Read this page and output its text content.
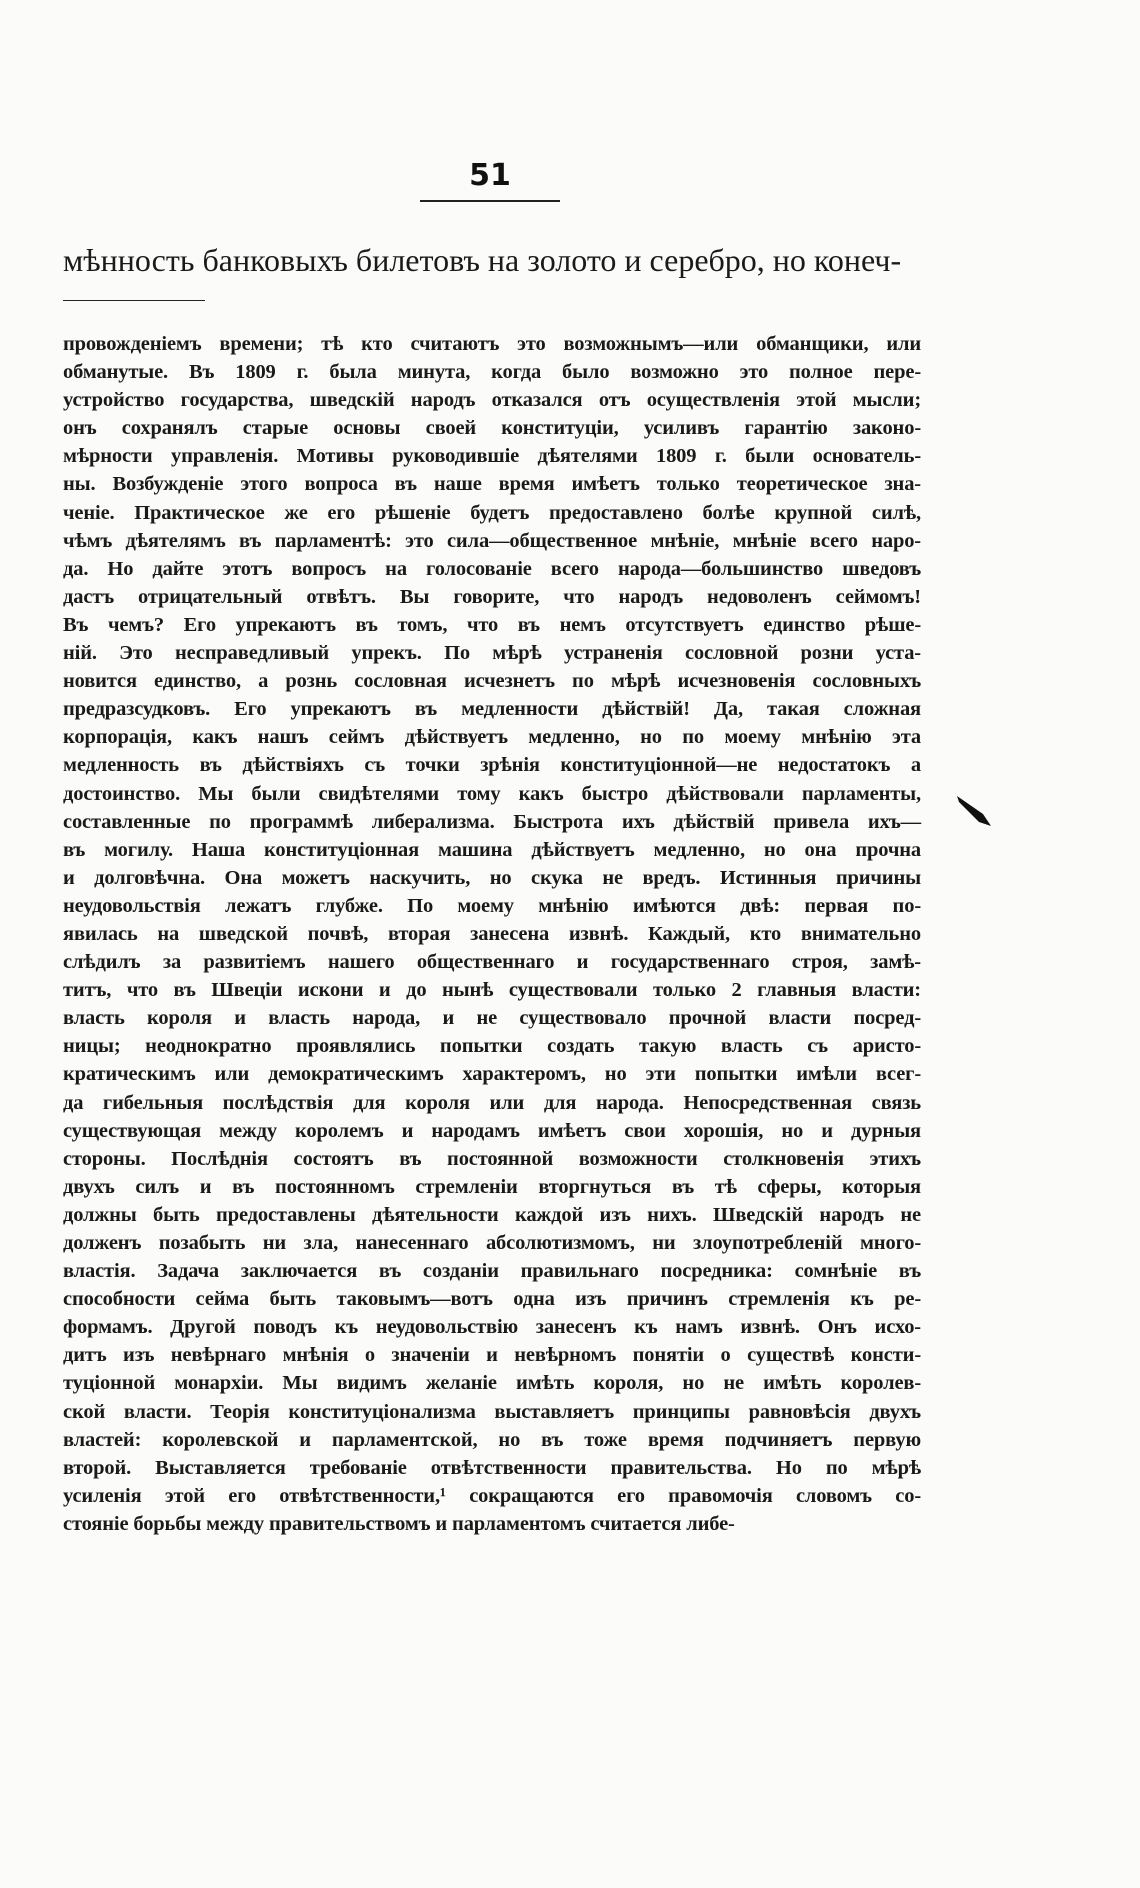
51
мѣнность банковыхъ билетовъ на золото и серебро, но конеч-
провожденіемъ времени; тѣ кто считаютъ это возможнымъ—или обманщики, или
обманутые. Въ 1809 г. была минута, когда было возможно это полное пере-
устройство государства, шведскій народъ отказался отъ осуществленія этой мысли;
онъ сохранялъ старые основы своей конституціи, усиливъ гарантію законо-
мѣрности управленія. Мотивы руководившіе дѣятелями 1809 г. были основатель-
ны. Возбужденіе этого вопроса въ наше время имѣетъ только теоретическое зна-
ченіе. Практическое же его рѣшеніе будетъ предоставлено болѣе крупной силѣ,
чѣмъ дѣятелямъ въ парламентѣ: это сила—общественное мнѣніе, мнѣніе всего наро-
да. Но дайте этотъ вопросъ на голосованіе всего народа—большинство шведовъ
дастъ отрицательный отвѣтъ. Вы говорите, что народъ недоволенъ сеймомъ!
Въ чемъ? Его упрекаютъ въ томъ, что въ немъ отсутствуетъ единство рѣше-
ній. Это несправедливый упрекъ. По мѣрѣ устраненія сословной розни уста-
новится единство, а рознь сословная исчезнетъ по мѣрѣ исчезновенія сословныхъ
предразсудковъ. Его упрекаютъ въ медленности дѣйствій! Да, такая сложная
корпорація, какъ нашъ сеймъ дѣйствуетъ медленно, но по моему мнѣнію эта
медленность въ дѣйствіяхъ съ точки зрѣнія конституціонной—не недостатокъ а
достоинство. Мы были свидѣтелями тому какъ быстро дѣйствовали парламенты,
составленные по программѣ либерализма. Быстрота ихъ дѣйствій привела ихъ—
въ могилу. Наша конституціонная машина дѣйствуетъ медленно, но она прочна
и долговѣчна. Она можетъ наскучить, но скука не вредъ. Истинныя причины
неудовольствія лежатъ глубже. По моему мнѣнію имѣются двѣ: первая по-
явилась на шведской почвѣ, вторая занесена извнѣ. Каждый, кто внимательно
слѣдилъ за развитіемъ нашего общественнаго и государственнаго строя, замѣ-
титъ, что въ Швеціи искони и до нынѣ существовали только 2 главныя власти:
власть короля и власть народа, и не существовало прочной власти посред-
ницы; неоднократно проявлялись попытки создать такую власть съ аристо-
кратическимъ или демократическимъ характеромъ, но эти попытки имѣли всег-
да гибельныя послѣдствія для короля или для народа. Непосредственная связь
существующая между королемъ и народамъ имѣетъ свои хорошія, но и дурныя
стороны. Послѣднія состоятъ въ постоянной возможности столкновенія этихъ
двухъ силъ и въ постоянномъ стремленіи вторгнуться въ тѣ сферы, которыя
должны быть предоставлены дѣятельности каждой изъ нихъ. Шведскій народъ не
долженъ позабыть ни зла, нанесеннаго абсолютизмомъ, ни злоупотребленій много-
властія. Задача заключается въ созданіи правильнаго посредника: сомнѣніе въ
способности сейма быть таковымъ—вотъ одна изъ причинъ стремленія къ ре-
формамъ. Другой поводъ къ неудовольствію занесенъ къ намъ извнѣ. Онъ исхо-
дитъ изъ невѣрнаго мнѣнія о значеніи и невѣрномъ понятіи о существѣ консти-
туціонной монархіи. Мы видимъ желаніе имѣть короля, но не имѣть королев-
ской власти. Теорія конституціонализма выставляетъ принципы равновѣсія двухъ
властей: королевской и парламентской, но въ тоже время подчиняетъ первую
второй. Выставляется требованіе отвѣтственности правительства. Но по мѣрѣ
усиленія этой его отвѣтственности,¹ сокращаются его правомочія словомъ со-
стояніе борьбы между правительствомъ и парламентомъ считается либе-
